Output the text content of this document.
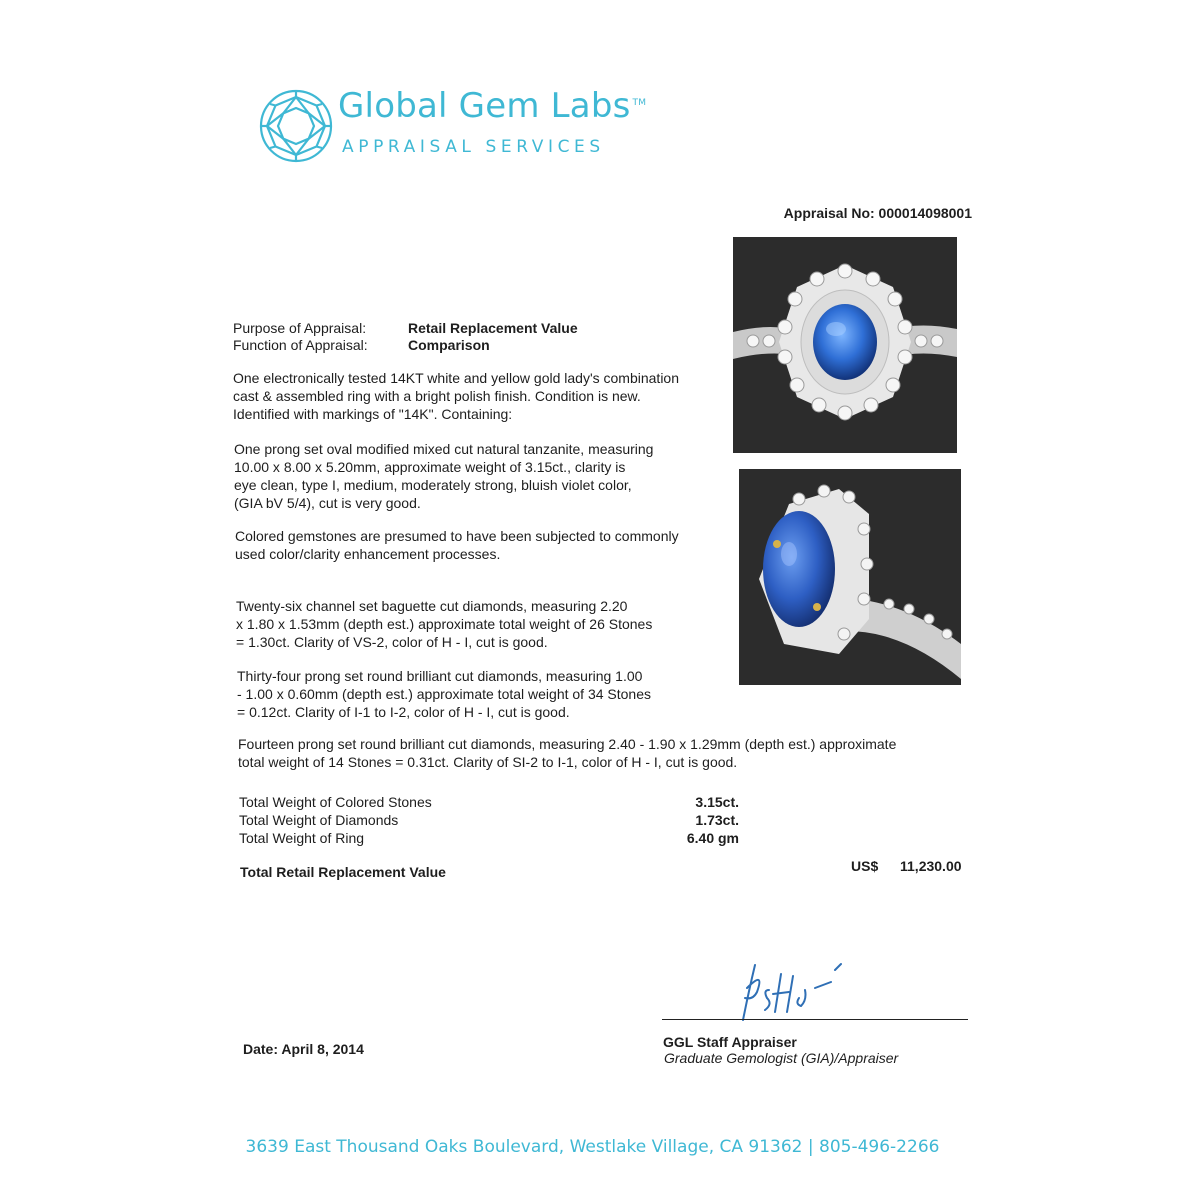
Global Gem Labs ™
APPRAISAL SERVICES
Appraisal No: 000014098001
Purpose of Appraisal:	Retail Replacement Value
Function of Appraisal:	Comparison
One electronically tested 14KT white and yellow gold lady's combination
cast & assembled ring with a bright polish finish. Condition is new.
Identified with markings of "14K". Containing:
One prong set oval modified mixed cut natural tanzanite, measuring
10.00 x 8.00 x 5.20mm, approximate weight of 3.15ct., clarity is
eye clean, type I, medium, moderately strong, bluish violet color,
(GIA bV 5/4), cut is very good.
Colored gemstones are presumed to have been subjected to commonly
used color/clarity enhancement processes.
Twenty-six channel set baguette cut diamonds, measuring 2.20
x 1.80 x 1.53mm (depth est.) approximate total weight of 26 Stones
= 1.30ct. Clarity of VS-2, color of H - I, cut is good.
Thirty-four prong set round brilliant cut diamonds, measuring 1.00
- 1.00 x 0.60mm (depth est.) approximate total weight of 34 Stones
= 0.12ct. Clarity of I-1 to I-2, color of H - I, cut is good.
Fourteen prong set round brilliant cut diamonds, measuring 2.40 - 1.90 x 1.29mm (depth est.) approximate
total weight of 14 Stones = 0.31ct. Clarity of SI-2 to I-1, color of H - I, cut is good.
Total Weight of Colored Stones	3.15ct.
Total Weight of Diamonds	1.73ct.
Total Weight of Ring	6.40 gm
Total Retail Replacement Value	US$ 11,230.00
GGL Staff Appraiser
Graduate Gemologist (GIA)/Appraiser
Date: April 8, 2014
3639 East Thousand Oaks Boulevard, Westlake Village, CA 91362 | 805-496-2266
